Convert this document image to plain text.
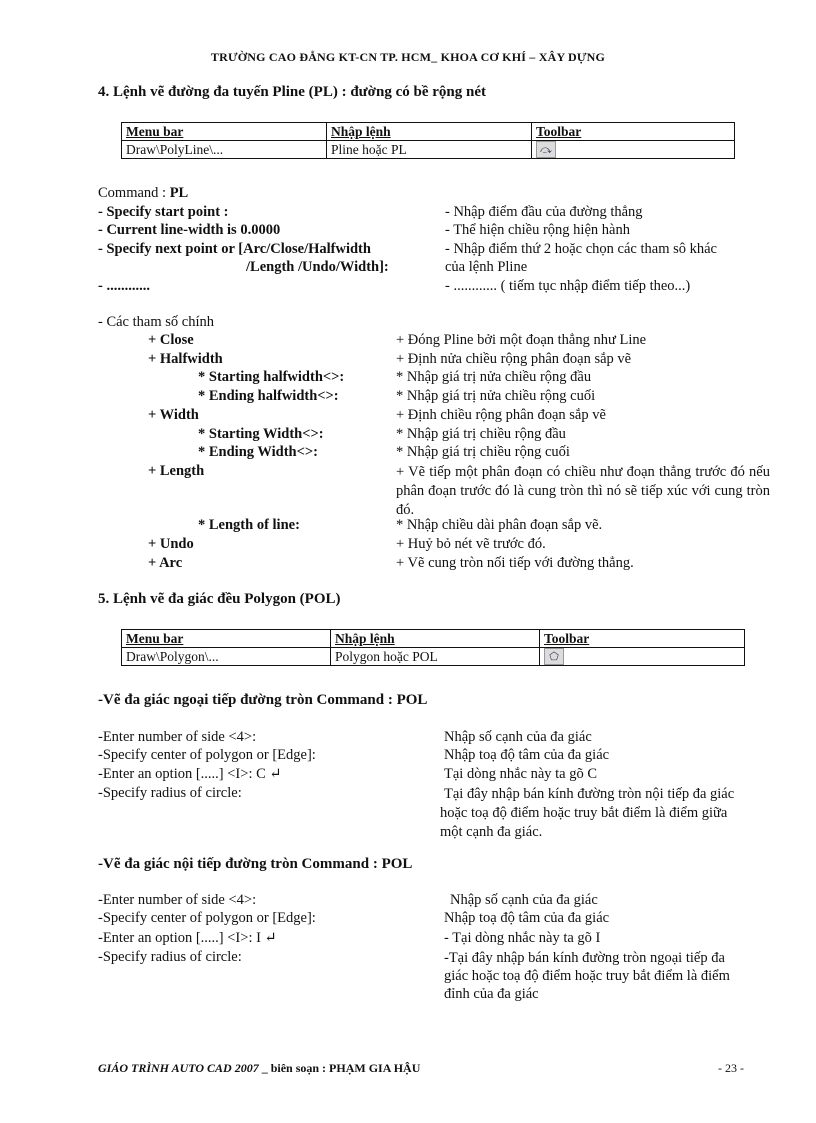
TRƯỜNG CAO ĐẲNG KT-CN TP. HCM_ KHOA CƠ KHÍ – XÂY DỰNG
4. Lệnh vẽ đường đa tuyến Pline (PL) : đường có bề rộng nét
Menu bar	Nhập lệnh	Toolbar
Draw\PolyLine\...	Pline hoặc PL	⤼
Command : PL
- Specify start point :	- Nhập điểm đầu của đường thẳng
- Current line-width is 0.0000	- Thể hiện chiều rộng hiện hành
- Specify next point or [Arc/Close/Halfwidth	- Nhập điểm thứ 2 hoặc chọn các tham sô khác
/Length /Undo/Width]:	của lệnh Pline
- ............	- ............ ( tiếm tục nhập điểm tiếp theo...)
- Các tham số chính
+ Close	+ Đóng Pline bởi một đoạn thẳng như Line
+ Halfwidth	+ Định nửa chiều rộng phân đoạn sắp vẽ
* Starting halfwidth<>:	* Nhập giá trị nửa chiều rộng đầu
* Ending halfwidth<>:	* Nhập giá trị nửa chiều rộng cuối
+ Width	+ Định chiều rộng phân đoạn sắp vẽ
* Starting Width<>:	* Nhập giá trị chiều rộng đầu
* Ending Width<>:	* Nhập giá trị chiều rộng cuối
+ Length	+ Vẽ tiếp một phân đoạn có chiều như đoạn thẳng trước đó nếu phân đoạn trước đó là cung tròn thì nó sẽ tiếp xúc với cung tròn đó.
* Length of line:	* Nhập chiều dài phân đoạn sắp vẽ.
+ Undo	+ Huỷ bỏ nét vẽ trước đó.
+ Arc	+ Vẽ cung tròn nối tiếp với đường thẳng.
5. Lệnh vẽ đa giác đều Polygon (POL)
Menu bar	Nhập lệnh	Toolbar
Draw\Polygon\...	Polygon hoặc POL	⬠
-Vẽ đa giác ngoại tiếp đường tròn Command : POL
-Enter number of side <4>:	Nhập số cạnh của đa giác
-Specify center of polygon or [Edge]:	Nhập toạ độ tâm của đa giác
-Enter an option [.....] <I>: C ↵	Tại dòng nhắc này ta gõ C
-Specify radius of circle:	Tại đây nhập bán kính đường tròn nội tiếp đa giác hoặc toạ độ điểm hoặc truy bắt điểm là điểm giữa một cạnh đa giác.
-Vẽ đa giác nội tiếp đường tròn Command : POL
-Enter number of side <4>:	Nhập số cạnh của đa giác
-Specify center of polygon or [Edge]:	Nhập toạ độ tâm của đa giác
-Enter an option [.....] <I>: I ↵	- Tại dòng nhắc này ta gõ I
-Specify radius of circle:	-Tại đây nhập bán kính đường tròn ngoại tiếp đa giác hoặc toạ độ điểm hoặc truy bắt điểm là điểm đỉnh của đa giác
GIÁO TRÌNH AUTO CAD 2007 _ biên soạn : PHẠM GIA HẬU	- 23 -
